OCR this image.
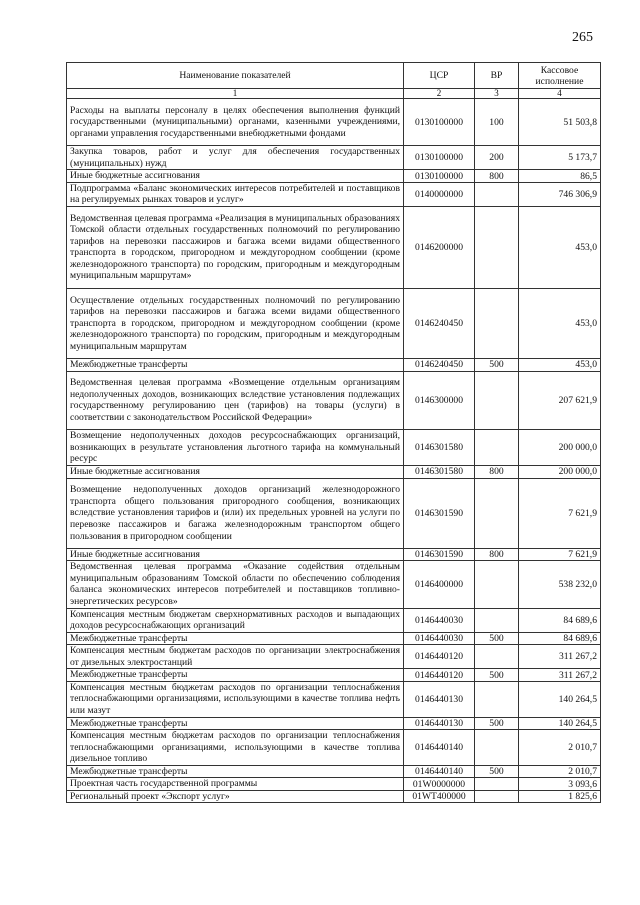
265
Наименование показателей	ЦСР	ВР	Кассовое исполнение
1	2	3	4
Расходы на выплаты персоналу в целях обеспечения выполнения функций государственными (муниципальными) органами, казенными учреждениями, органами управления государственными внебюджетными фондами	0130100000	100	51 503,8
Закупка товаров, работ и услуг для обеспечения государственных (муниципальных) нужд	0130100000	200	5 173,7
Иные бюджетные ассигнования	0130100000	800	86,5
Подпрограмма «Баланс экономических интересов потребителей и поставщиков на регулируемых рынках товаров и услуг»	0140000000		746 306,9
Ведомственная целевая программа «Реализация в муниципальных образованиях Томской области отдельных государственных полномочий по регулированию тарифов на перевозки пассажиров и багажа всеми видами общественного транспорта в городском, пригородном и междугородном сообщении (кроме железнодорожного транспорта) по городским, пригородным и междугородным муниципальным маршрутам»	0146200000		453,0
Осуществление отдельных государственных полномочий по регулированию тарифов на перевозки пассажиров и багажа всеми видами общественного транспорта в городском, пригородном и междугородном сообщении (кроме железнодорожного транспорта) по городским, пригородным и междугородным муниципальным маршрутам	0146240450		453,0
Межбюджетные трансферты	0146240450	500	453,0
Ведомственная целевая программа «Возмещение отдельным организациям недополученных доходов, возникающих вследствие установления подлежащих государственному регулированию цен (тарифов) на товары (услуги) в соответствии с законодательством Российской Федерации»	0146300000		207 621,9
Возмещение недополученных доходов ресурсоснабжающих организаций, возникающих в результате установления льготного тарифа на коммунальный ресурс	0146301580		200 000,0
Иные бюджетные ассигнования	0146301580	800	200 000,0
Возмещение недополученных доходов организаций железнодорожного транспорта общего пользования пригородного сообщения, возникающих вследствие установления тарифов и (или) их предельных уровней на услуги по перевозке пассажиров и багажа железнодорожным транспортом общего пользования в пригородном сообщении	0146301590		7 621,9
Иные бюджетные ассигнования	0146301590	800	7 621,9
Ведомственная целевая программа «Оказание содействия отдельным муниципальным образованиям Томской области по обеспечению соблюдения баланса экономических интересов потребителей и поставщиков топливно-энергетических ресурсов»	0146400000		538 232,0
Компенсация местным бюджетам сверхнормативных расходов и выпадающих доходов ресурсоснабжающих организаций	0146440030		84 689,6
Межбюджетные трансферты	0146440030	500	84 689,6
Компенсация местным бюджетам расходов по организации электроснабжения от дизельных электростанций	0146440120		311 267,2
Межбюджетные трансферты	0146440120	500	311 267,2
Компенсация местным бюджетам расходов по организации теплоснабжения теплоснабжающими организациями, использующими в качестве топлива нефть или мазут	0146440130		140 264,5
Межбюджетные трансферты	0146440130	500	140 264,5
Компенсация местным бюджетам расходов по организации теплоснабжения теплоснабжающими организациями, использующими в качестве топлива дизельное топливо	0146440140		2 010,7
Межбюджетные трансферты	0146440140	500	2 010,7
Проектная часть государственной программы	01W0000000		3 093,6
Региональный проект «Экспорт услуг»	01WT400000		1 825,6
